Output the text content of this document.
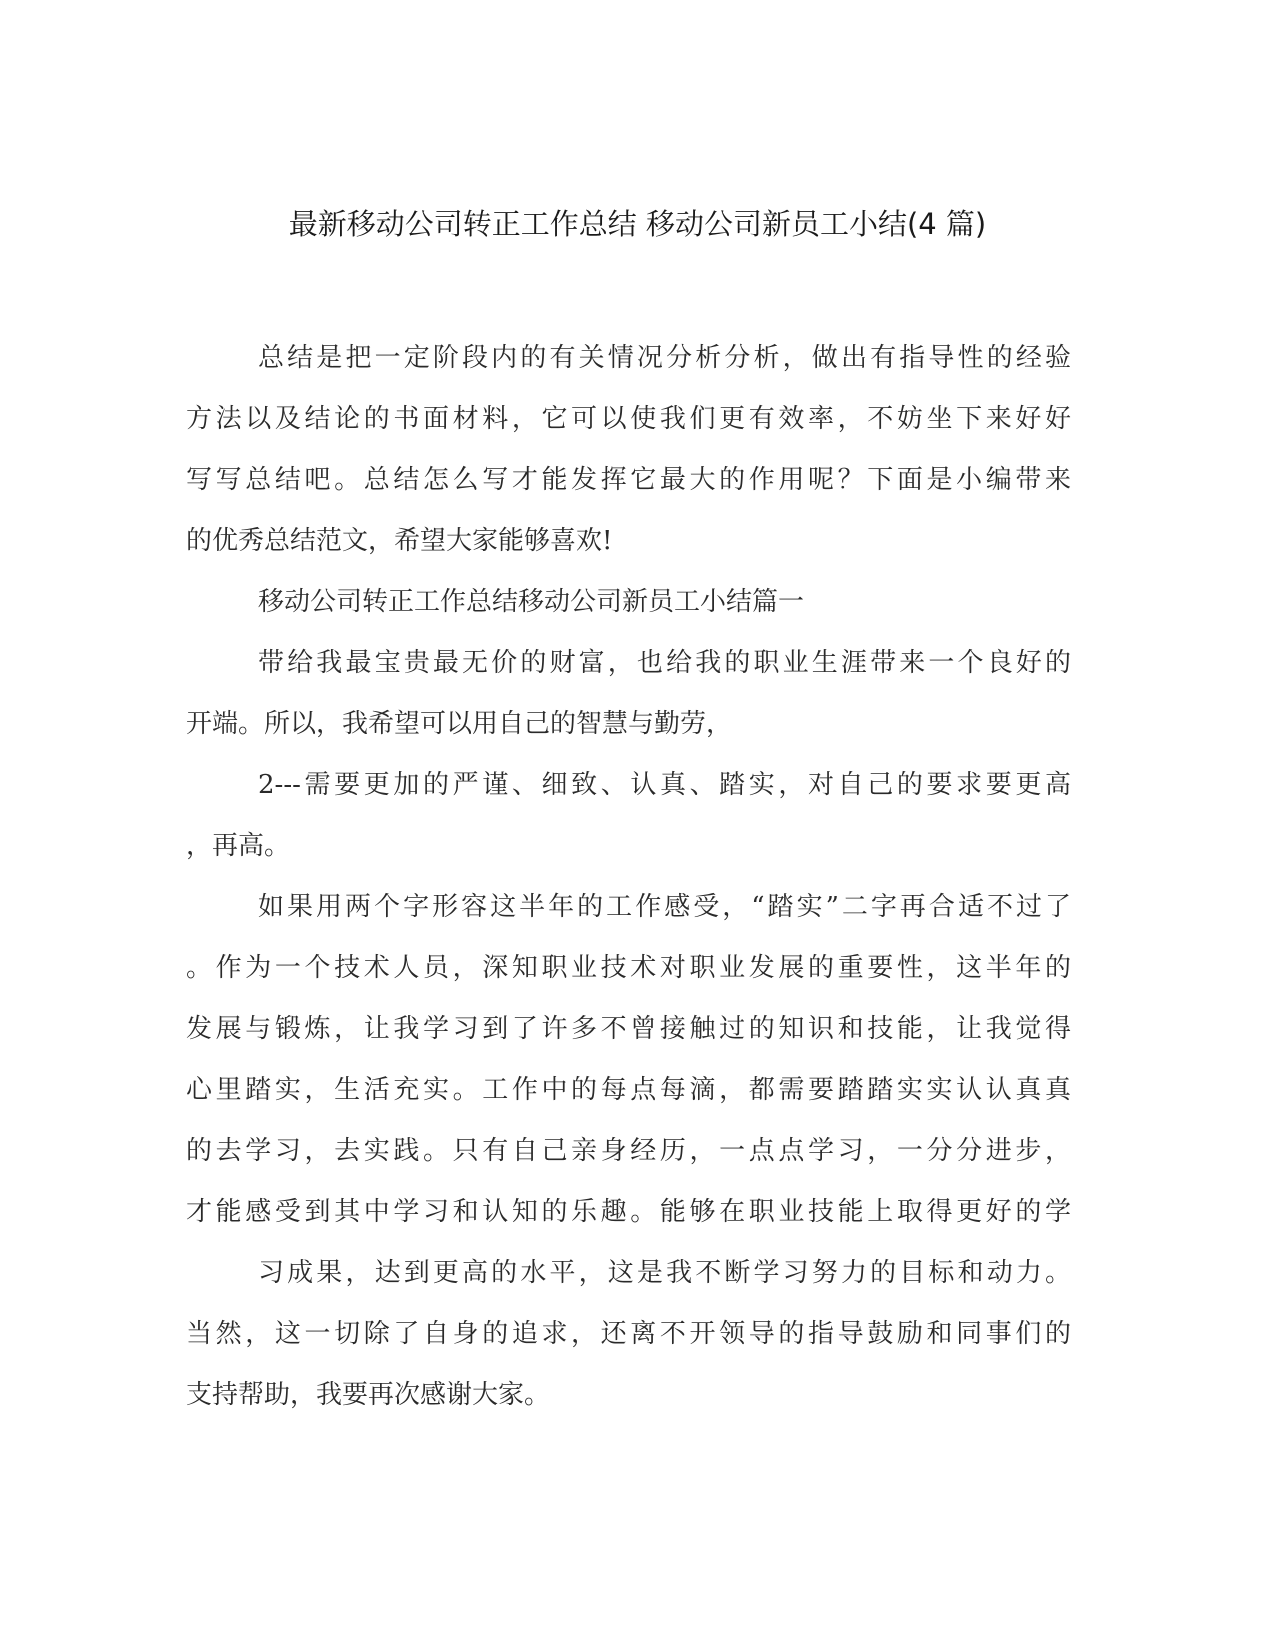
最新移动公司转正工作总结 移动公司新员工小结(4 篇)
总结是把一定阶段内的有关情况分析分析，做出有指导性的经验
方法以及结论的书面材料，它可以使我们更有效率，不妨坐下来好好
写写总结吧。总结怎么写才能发挥它最大的作用呢？下面是小编带来
的优秀总结范文，希望大家能够喜欢!
移动公司转正工作总结移动公司新员工小结篇一
带给我最宝贵最无价的财富，也给我的职业生涯带来一个良好的
开端。所以，我希望可以用自己的智慧与勤劳，
2---需要更加的严谨、细致、认真、踏实，对自己的要求要更高
，再高。
如果用两个字形容这半年的工作感受，“踏实”二字再合适不过了
。作为一个技术人员，深知职业技术对职业发展的重要性，这半年的
发展与锻炼，让我学习到了许多不曾接触过的知识和技能，让我觉得
心里踏实，生活充实。工作中的每点每滴，都需要踏踏实实认认真真
的去学习，去实践。只有自己亲身经历，一点点学习，一分分进步，
才能感受到其中学习和认知的乐趣。能够在职业技能上取得更好的学
习成果，达到更高的水平，这是我不断学习努力的目标和动力。
当然，这一切除了自身的追求，还离不开领导的指导鼓励和同事们的
支持帮助，我要再次感谢大家。
